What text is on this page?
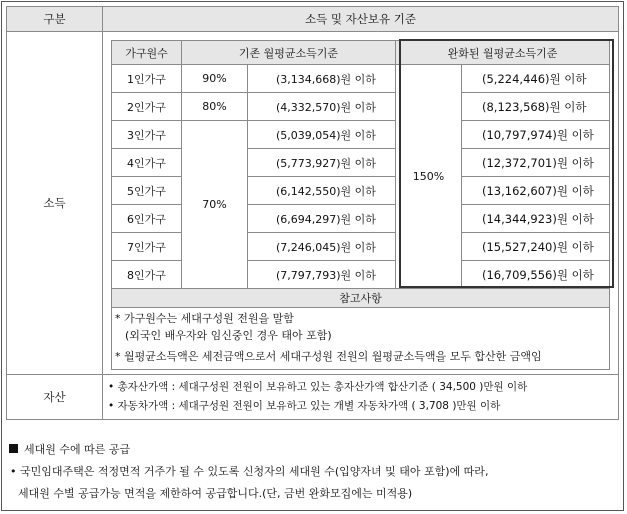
구분	소득 및 자산보유 기준
소득	
가구원수	기존 월평균소득기준	완화된 월평균소득기준
1인가구	90%	(3,134,668)원 이하	150%	(5,224,446)원 이하
2인가구	80%	(4,332,570)원 이하	(8,123,568)원 이하
3인가구	70%	(5,039,054)원 이하	(10,797,974)원 이하
4인가구	(5,773,927)원 이하	(12,372,701)원 이하
5인가구	(6,142,550)원 이하	(13,162,607)원 이하
6인가구	(6,694,297)원 이하	(14,344,923)원 이하
7인가구	(7,246,045)원 이하	(15,527,240)원 이하
8인가구	(7,797,793)원 이하	(16,709,556)원 이하
참고사항

* 가구원수는 세대구성원 전원을 말함
(외국인 배우자와 임신중인 경우 태아 포함)
* 월평균소득액은 세전금액으로서 세대구성원 전원의 월평균소득액을 모두 합산한 금액임

자산	
• 총자산가액 : 세대구성원 전원이 보유하고 있는 총자산가액 합산기준 ( 34,500 )만원 이하
• 자동차가액 : 세대구성원 전원이 보유하고 있는 개별 자동차가액 ( 3,708 )만원 이하
세대원 수에 따른 공급
• 국민임대주택은 적정면적 거주가 될 수 있도록 신청자의 세대원 수(입양자녀 및 태아 포함)에 따라,
세대원 수별 공급가능 면적을 제한하여 공급합니다.(단, 금번 완화모집에는 미적용)
